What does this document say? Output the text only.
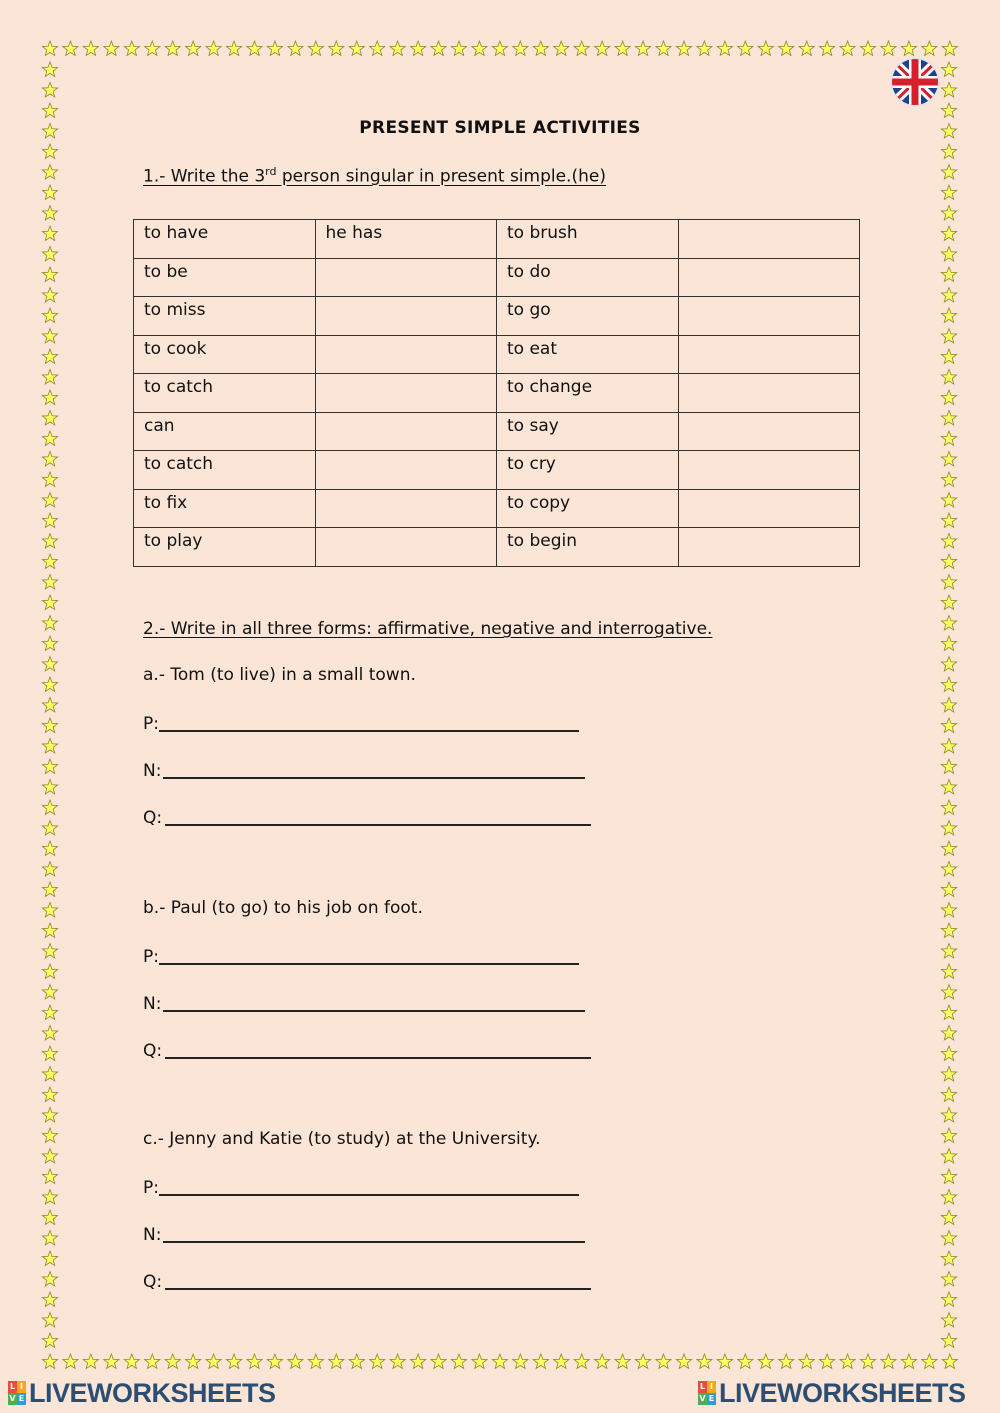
PRESENT SIMPLE ACTIVITIES
1.- Write the 3rd person singular in present simple.(he)
to have	he has	to brush	
to be		to do	
to miss		to go	
to cook		to eat	
to catch		to change	
can		to say	
to catch		to cry	
to fix		to copy	
to play		to begin	
2.- Write in all three forms: affirmative, negative and interrogative.
a.- Tom (to live) in a small town.
P:
N:
Q:
b.- Paul (to go) to his job on foot.
P:
N:
Q:
c.- Jenny and Katie (to study) at the University.
P:
N:
Q:
L I
V E LIVEWORKSHEETS	L I
V E LIVEWORKSHEETS
